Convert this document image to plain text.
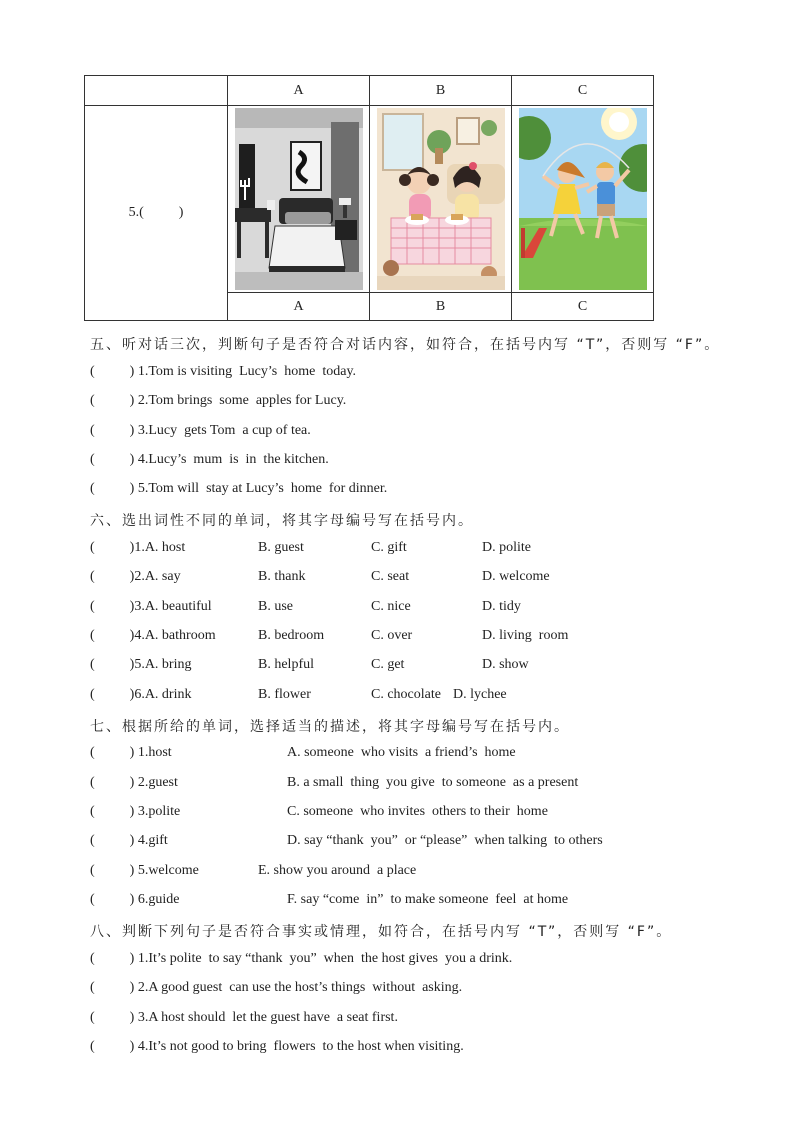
	A	B	C
5.(          )	

	A	B	C
五、听对话三次，判断句子是否符合对话内容，如符合，在括号内写 “T”，否则写 “F”。
(          ) 1.Tom is visiting  Lucy’s  home  today.
(          ) 2.Tom brings  some  apples for Lucy.
(          ) 3.Lucy  gets Tom  a cup of tea.
(          ) 4.Lucy’s  mum  is  in  the kitchen.
(          ) 5.Tom will  stay at Lucy’s  home  for dinner.
六、选出词性不同的单词，将其字母编号写在括号内。
(          )1.A. host	B. guest	C. gift	D. polite
(          )2.A. say	B. thank	C. seat	D. welcome
(          )3.A. beautiful	B. use	C. nice	D. tidy
(          )4.A. bathroom	B. bedroom	C. over	D. living  room
(          )5.A. bring	B. helpful	C. get	D. show
(          )6.A. drink	B. flower	C. chocolate D. lychee
七、根据所给的单词，选择适当的描述，将其字母编号写在括号内。
(          ) 1.host	A. someone  who visits  a friend’s  home
(          ) 2.guest	B. a small  thing  you give  to someone  as a present
(          ) 3.polite	C. someone  who invites  others to their  home
(          ) 4.gift	D. say “thank  you”  or “please”  when talking  to others
(          ) 5.welcome	E. show you around  a place
(          ) 6.guide	F. say “come  in”  to make someone  feel  at home
八、判断下列句子是否符合事实或情理，如符合，在括号内写 “T”，否则写 “F”。
(          ) 1.It’s polite  to say “thank  you”  when  the host gives  you a drink.
(          ) 2.A good guest  can use the host’s things  without  asking.
(          ) 3.A host should  let the guest have  a seat first.
(          ) 4.It’s not good to bring  flowers  to the host when visiting.
